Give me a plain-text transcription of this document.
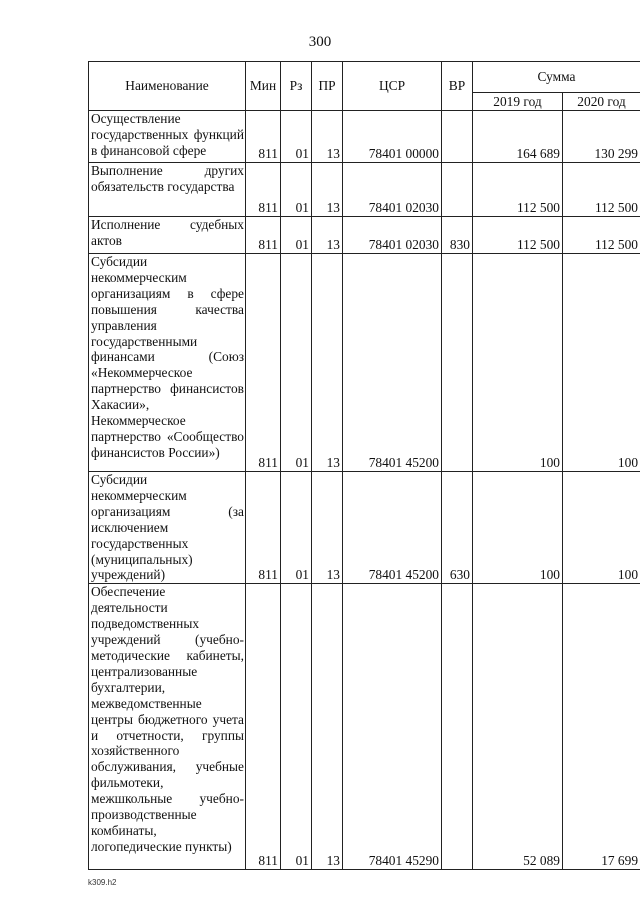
300
Наименование	Мин	Рз	ПР	ЦСР	ВР	Сумма	
						2019 год	2020 год
Осуществление государственных функций в финансовой сфере	811	01	13	78401 00000		164 689	130 299
Выполнение других обязательств государства	811	01	13	78401 02030		112 500	112 500
Исполнение судебных актов	811	01	13	78401 02030	830	112 500	112 500
Субсидии некоммерческим организациям в сфере повышения качества управления государственными финансами (Союз «Некоммерческое партнерство финансистов Хакасии», Некоммерческое партнерство «Сообщество финансистов России»)	811	01	13	78401 45200		100	100
Субсидии некоммерческим организациям (за исключением государственных (муниципальных) учреждений)	811	01	13	78401 45200	630	100	100
Обеспечение деятельности подведомственных учреждений (учебно-методические кабинеты, централизованные бухгалтерии, межведомственные центры бюджетного учета и отчетности, группы хозяйственного обслуживания, учебные фильмотеки, межшкольные учебно-производственные комбинаты, логопедические пункты)	811	01	13	78401 45290		52 089	17 699
k309.h2
